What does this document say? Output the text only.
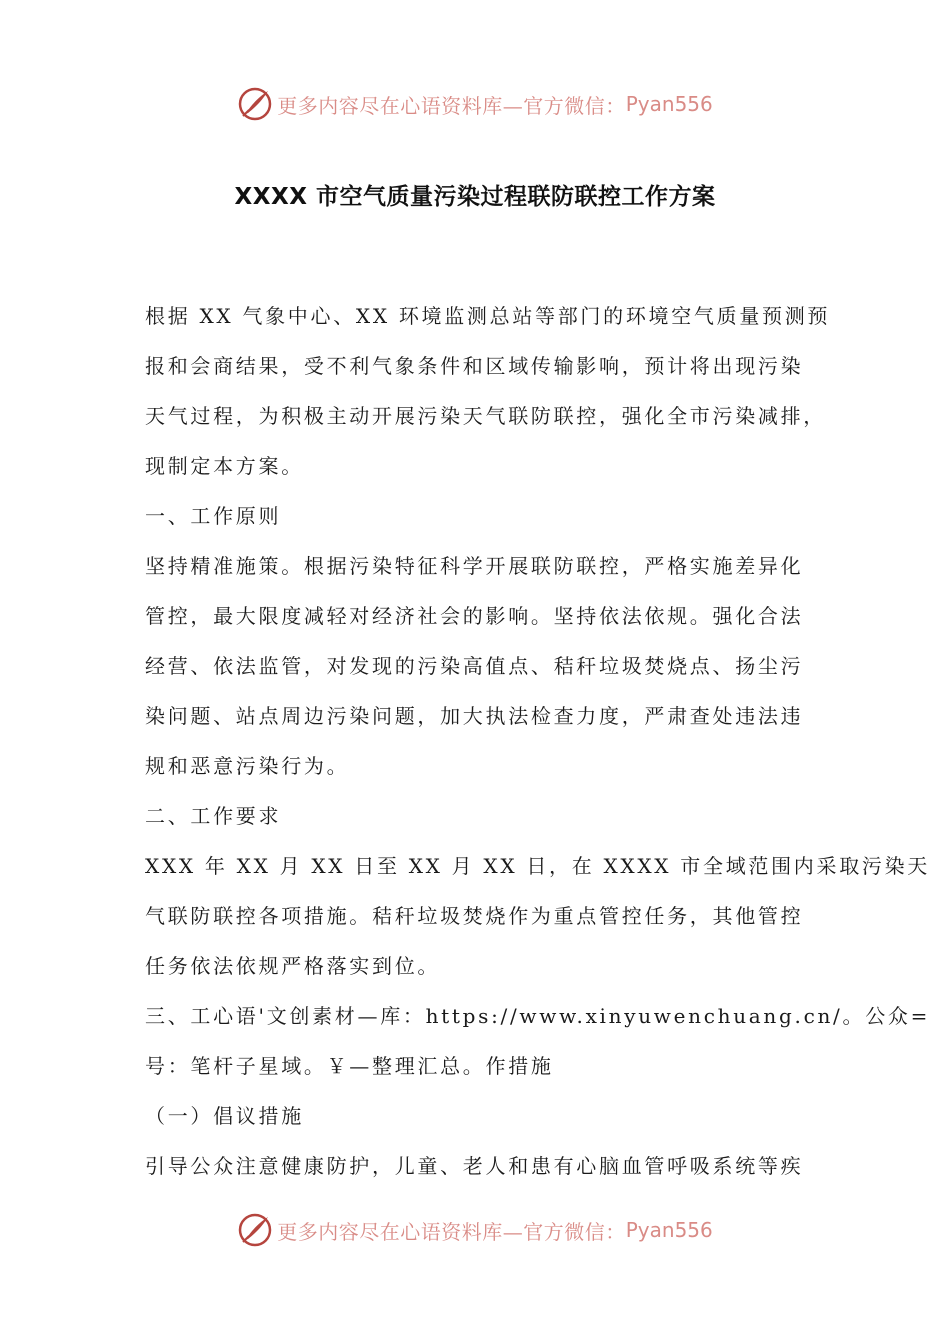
更多内容尽在心语资料库—官方微信： Pyan556
XXXX 市空气质量污染过程联防联控工作方案
根据 XX 气象中心、XX 环境监测总站等部门的环境空气质量预测预
报和会商结果，受不利气象条件和区域传输影响，预计将出现污染
天气过程，为积极主动开展污染天气联防联控，强化全市污染减排，
现制定本方案。
一、工作原则
坚持精准施策。根据污染特征科学开展联防联控，严格实施差异化
管控，最大限度减轻对经济社会的影响。坚持依法依规。强化合法
经营、依法监管，对发现的污染高值点、秸秆垃圾焚烧点、扬尘污
染问题、站点周边污染问题，加大执法检查力度，严肃查处违法违
规和恶意污染行为。
二、工作要求
XXX 年 XX 月 XX 日至 XX 月 XX 日，在 XXXX 市全域范围内采取污染天
气联防联控各项措施。秸秆垃圾焚烧作为重点管控任务，其他管控
任务依法依规严格落实到位。
三、工心语'文创素材—库：https://www.xinyuwenchuang.cn/。公众=
号：笔杆子星域。￥—整理汇总。作措施
（一）倡议措施
引导公众注意健康防护，儿童、老人和患有心脑血管呼吸系统等疾
更多内容尽在心语资料库—官方微信： Pyan556
